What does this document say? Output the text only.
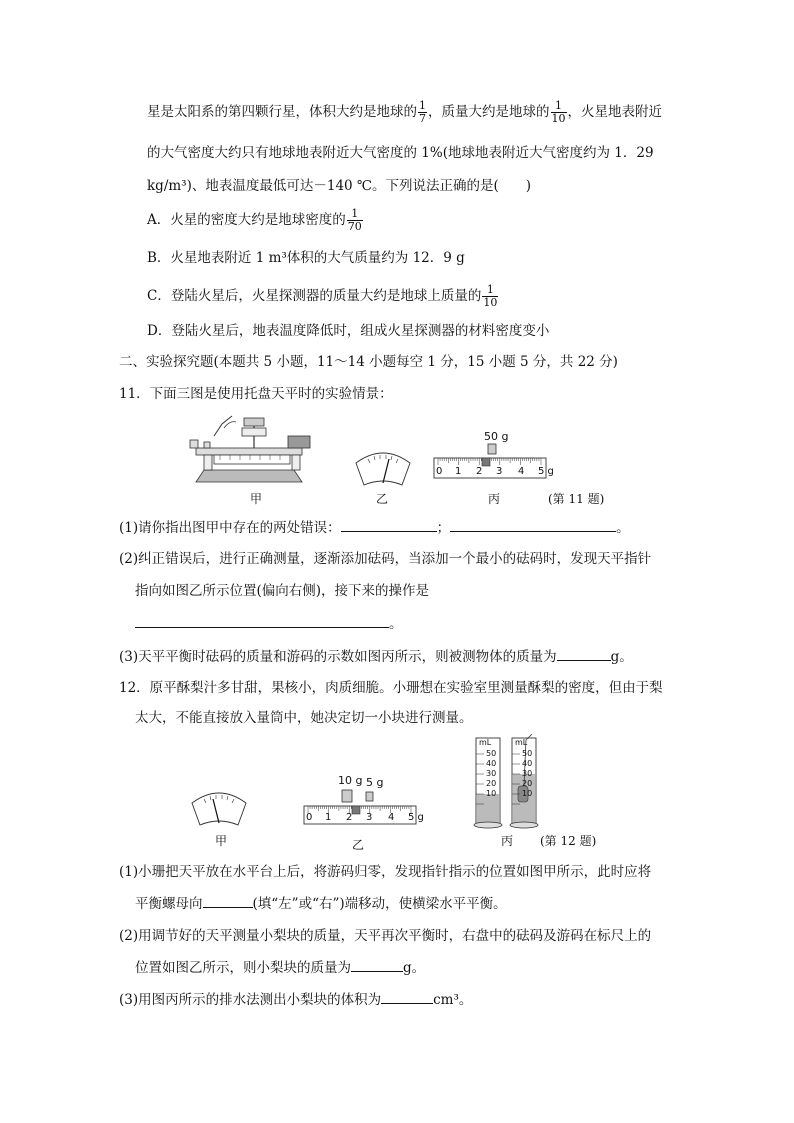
星是太阳系的第四颗行星，体积大约是地球的 $\frac{1}{7}$ ，质量大约是地球的 $\frac{1}{10}$ ，火星地表附近
的大气密度大约只有地球地表附近大气密度的 1%(地球地表附近大气密度约为 1．29
kg/m³)、地表温度最低可达－140 ℃。下列说法正确的是(　　)
A．火星的密度大约是地球密度的 $\frac{1}{70}$
B．火星地表附近 1 m³体积的大气质量约为 12．9 g
C．登陆火星后，火星探测器的质量大约是地球上质量的 $\frac{1}{10}$
D．登陆火星后，地表温度降低时，组成火星探测器的材料密度变小
二、实验探究题(本题共 5 小题，11～14 小题每空 1 分，15 小题 5 分，共 22 分)
11．下面三图是使用托盘天平时的实验情景：
甲	乙
50 g
0 1 2 3 4 5 g
丙	(第 11 题)
(1)请你指出图甲中存在的两处错误：	；	。
(2)纠正错误后，进行正确测量，逐渐添加砝码，当添加一个最小的砝码时，发现天平指针
指向如图乙所示位置(偏向右侧)，接下来的操作是
。
(3)天平平衡时砝码的质量和游码的示数如图丙所示，则被测物体的质量为	g。
12．原平酥梨汁多甘甜，果核小，肉质细脆。小珊想在实验室里测量酥梨的密度，但由于梨
太大，不能直接放入量筒中，她决定切一小块进行测量。
甲
10 g 5 g
0 1 2 3 4 5 g
乙
mL	mL
50
40
30
20
10
50
40
30
20
10
丙 (第 12 题)
(1)小珊把天平放在水平台上后，将游码归零，发现指针指示的位置如图甲所示，此时应将
平衡螺母向	(填“左”或“右”)端移动，使横梁水平平衡。
(2)用调节好的天平测量小梨块的质量，天平再次平衡时，右盘中的砝码及游码在标尺上的
位置如图乙所示，则小梨块的质量为	g。
(3)用图丙所示的排水法测出小梨块的体积为	cm³。
